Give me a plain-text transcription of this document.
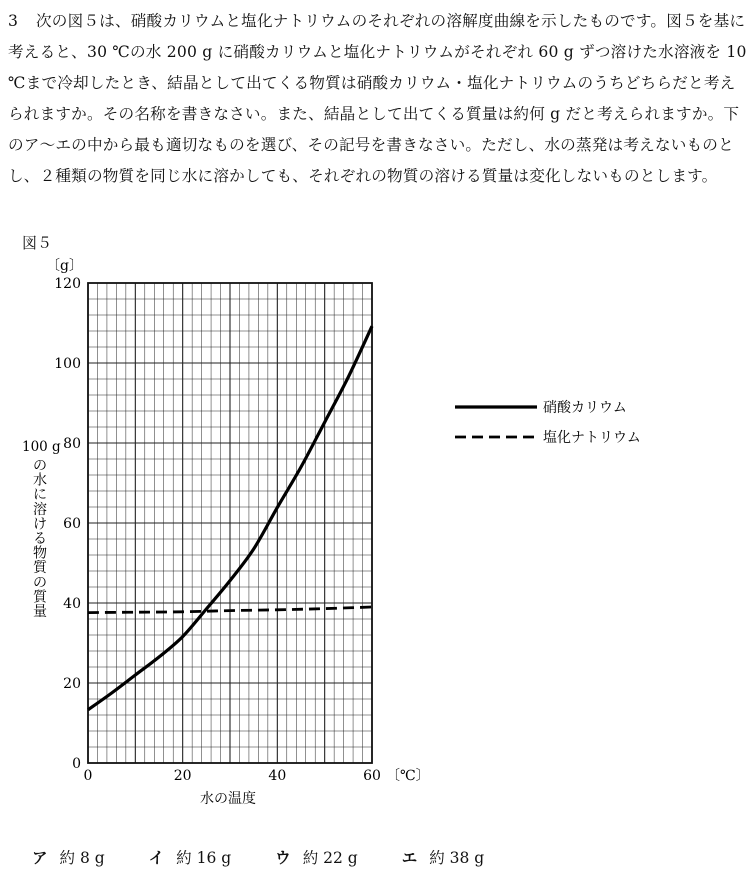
3 次の図５は、硝酸カリウムと塩化ナトリウムのそれぞれの溶解度曲線を示したものです。図５を基に考えると、30 ℃の水 200 g に硝酸カリウムと塩化ナトリウムがそれぞれ 60 g ずつ溶けた水溶液を 10 ℃まで冷却したとき、結晶として出てくる物質は硝酸カリウム・塩化ナトリウムのうちどちらだと考えられますか。その名称を書きなさい。また、結晶として出てくる質量は約何 g だと考えられますか。下のア〜エの中から最も適切なものを選び、その記号を書きなさい。ただし、水の蒸発は考えないものとし、２種類の物質を同じ水に溶かしても、それぞれの物質の溶ける質量は変化しないものとします。
図５
0	20	40	60
0
20
40
60
80
100
120
水の温度
〔℃〕
〔g〕
100 g
の水に溶ける物質の質量
硝酸カリウム
塩化ナトリウム
ア 約 8 g	イ 約 16 g	ウ 約 22 g	エ 約 38 g
